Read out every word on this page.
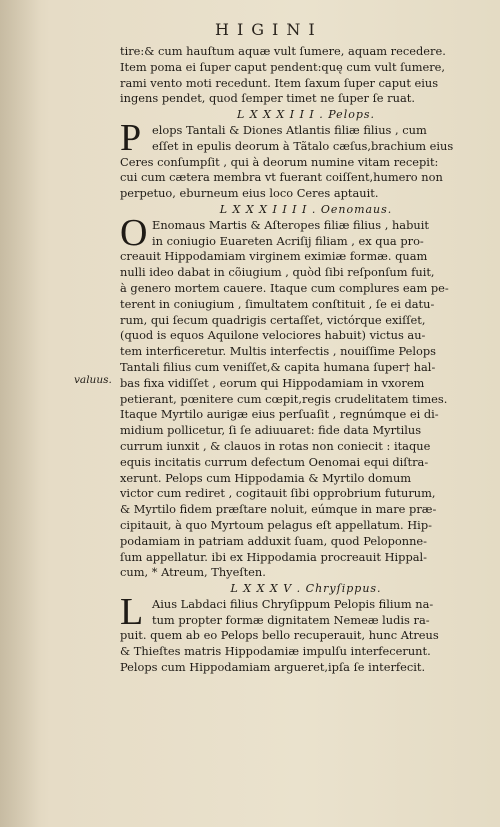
HIGINI
valuus.
tire:& cum hauſtum aquæ vult ſumere, aquam recedere.
Item poma ei ſuper caput pendent:quę cum vult ſumere,
rami vento moti recedunt. Item ſaxum ſuper caput eius
ingens pendet, quod ſemper timet ne ſuper ſe ruat.
L X X X I I I . Pelops.
P elops Tantali & Diones Atlantis filiæ filius , cum
eſſet in epulis deorum à Tãtalo cæſus,brachium eius
Ceres conſumpſit , qui à deorum numine vitam recepit:
cui cum cætera membra vt fuerant coiſſent,humero non
perpetuo, eburneum eius loco Ceres aptauit.
L X X X I I I I . Oenomaus.
O Enomaus Martis & Aſteropes filiæ filius , habuit
in coniugio Euareten Acriſij filiam , ex qua pro-
creauit Hippodamiam virginem eximiæ formæ. quam
nulli ideo dabat in cõiugium , quòd ſibi reſponſum fuit,
à genero mortem cauere. Itaque cum complures eam pe-
terent in coniugium , ſimultatem conſtituit , ſe ei datu-
rum, qui ſecum quadrigis certaſſet, victórque exiſſet,
(quod is equos Aquilone velociores habuit) victus au-
tem interficeretur. Multis interfectis , nouiſſime Pelops
Tantali filius cum veniſſet,& capita humana ſuper† hal-
bas fixa vidiſſet , eorum qui Hippodamiam in vxorem
petierant, pœnitere cum cœpit,regis crudelitatem times.
Itaque Myrtilo aurigæ eius perſuaſit , regnúmque ei di-
midium pollicetur, ſi ſe adiuuaret: fide data Myrtilus
currum iunxit , & clauos in rotas non coniecit : itaque
equis incitatis currum defectum Oenomai equi diſtra-
xerunt. Pelops cum Hippodamia & Myrtilo domum
victor cum rediret , cogitauit ſibi opprobrium futurum,
& Myrtilo fidem præſtare noluit, eúmque in mare præ-
cipitauit, à quo Myrtoum pelagus eſt appellatum. Hip-
podamiam in patriam adduxit ſuam, quod Peloponne-
ſum appellatur. ibi ex Hippodamia procreauit Hippal-
cum, * Atreum, Thyeſten.
L X X X V . Chryſippus.
L Aius Labdaci filius Chryſippum Pelopis filium na-
tum propter formæ dignitatem Nemeæ ludis ra-
puit. quem ab eo Pelops bello recuperauit, hunc Atreus
& Thieſtes matris Hippodamiæ impulſu interfecerunt.
Pelops cum Hippodamiam argueret,ipſa ſe interfecit.
